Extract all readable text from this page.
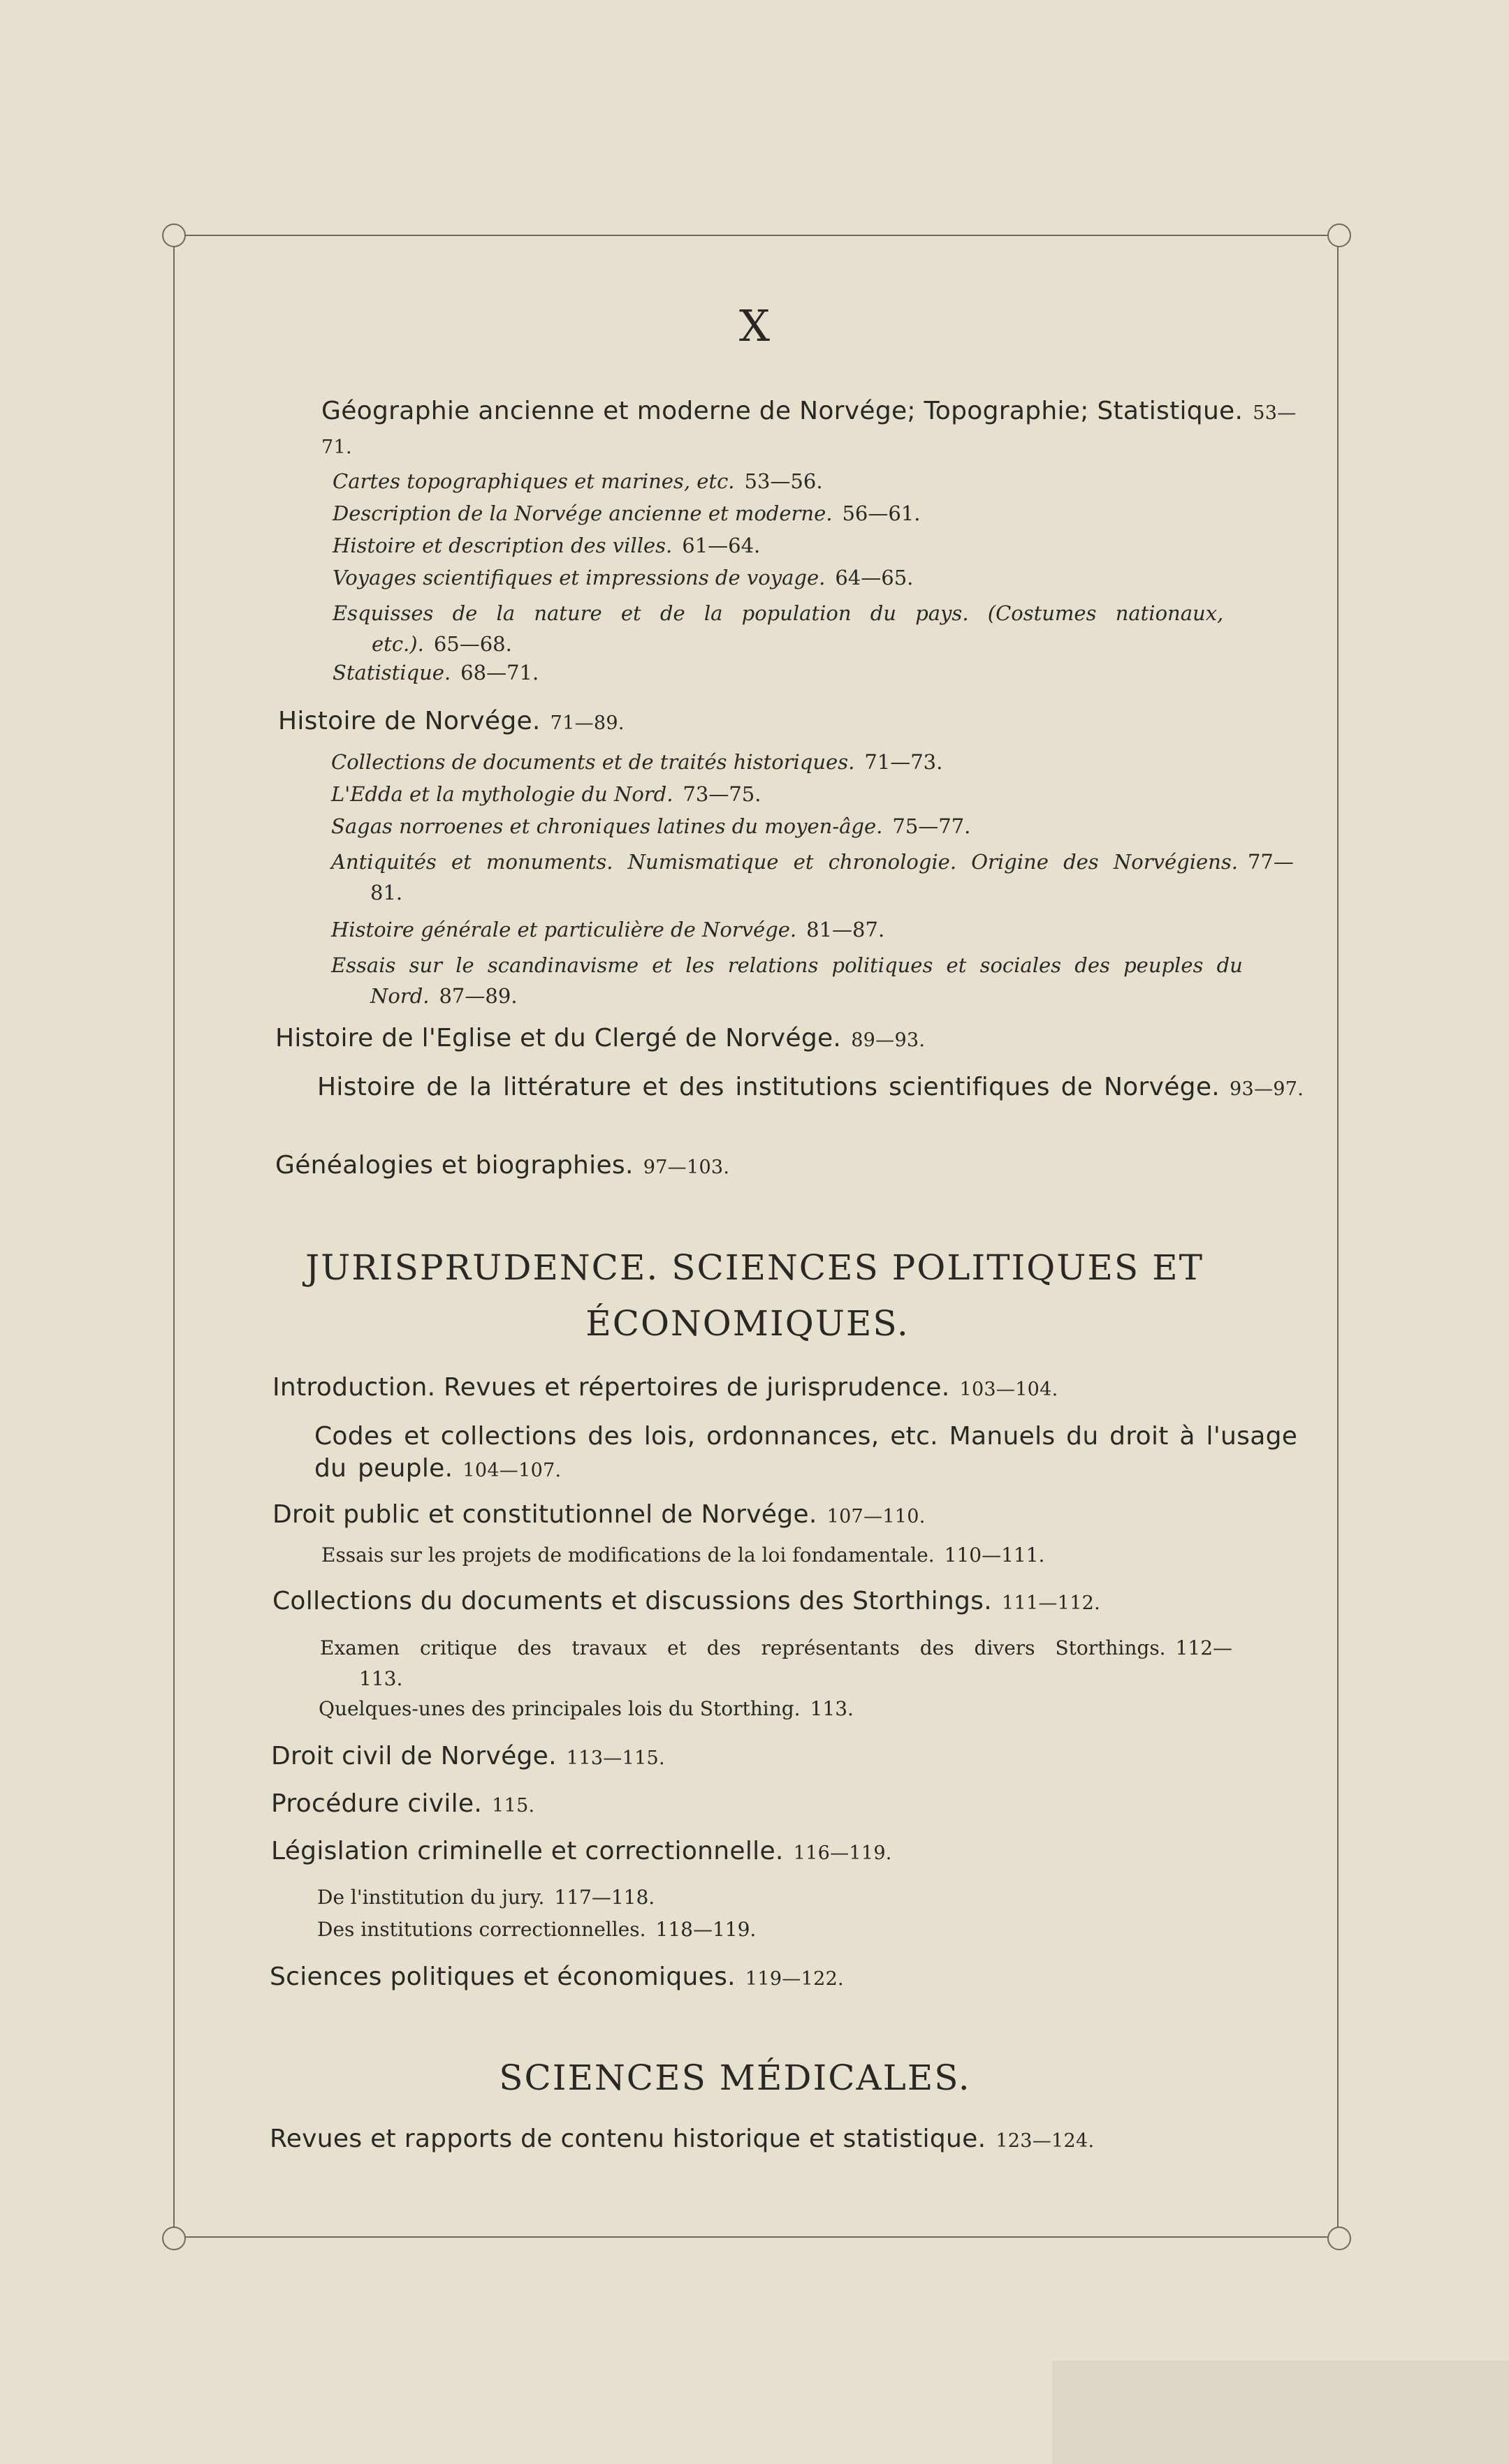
X
Géographie ancienne et moderne de Norvége; Topographie; Statistique. 53—71.
Cartes topographiques et marines, etc. 53—56.
Description de la Norvége ancienne et moderne. 56—61.
Histoire et description des villes. 61—64.
Voyages scientifiques et impressions de voyage. 64—65.
Esquisses de la nature et de la population du pays. (Costumes nationaux, etc.). 65—68.
Statistique. 68—71.
Histoire de Norvége. 71—89.
Collections de documents et de traités historiques. 71—73.
L'Edda et la mythologie du Nord. 73—75.
Sagas norroenes et chroniques latines du moyen-âge. 75—77.
Antiquités et monuments. Numismatique et chronologie. Origine des Norvégiens. 77—81.
Histoire générale et particulière de Norvége. 81—87.
Essais sur le scandinavisme et les relations politiques et sociales des peuples du Nord. 87—89.
Histoire de l'Eglise et du Clergé de Norvége. 89—93.
Histoire de la littérature et des institutions scientifiques de Norvége. 93—97.
Généalogies et biographies. 97—103.
JURISPRUDENCE. SCIENCES POLITIQUES ET
ÉCONOMIQUES.
Introduction. Revues et répertoires de jurisprudence. 103—104.
Codes et collections des lois, ordonnances, etc. Manuels du droit à l'usage du peuple. 104—107.
Droit public et constitutionnel de Norvége. 107—110.
Essais sur les projets de modifications de la loi fondamentale. 110—111.
Collections du documents et discussions des Storthings. 111—112.
Examen critique des travaux et des représentants des divers Storthings. 112—113.
Quelques-unes des principales lois du Storthing. 113.
Droit civil de Norvége. 113—115.
Procédure civile. 115.
Législation criminelle et correctionnelle. 116—119.
De l'institution du jury. 117—118.
Des institutions correctionnelles. 118—119.
Sciences politiques et économiques. 119—122.
SCIENCES MÉDICALES.
Revues et rapports de contenu historique et statistique. 123—124.
